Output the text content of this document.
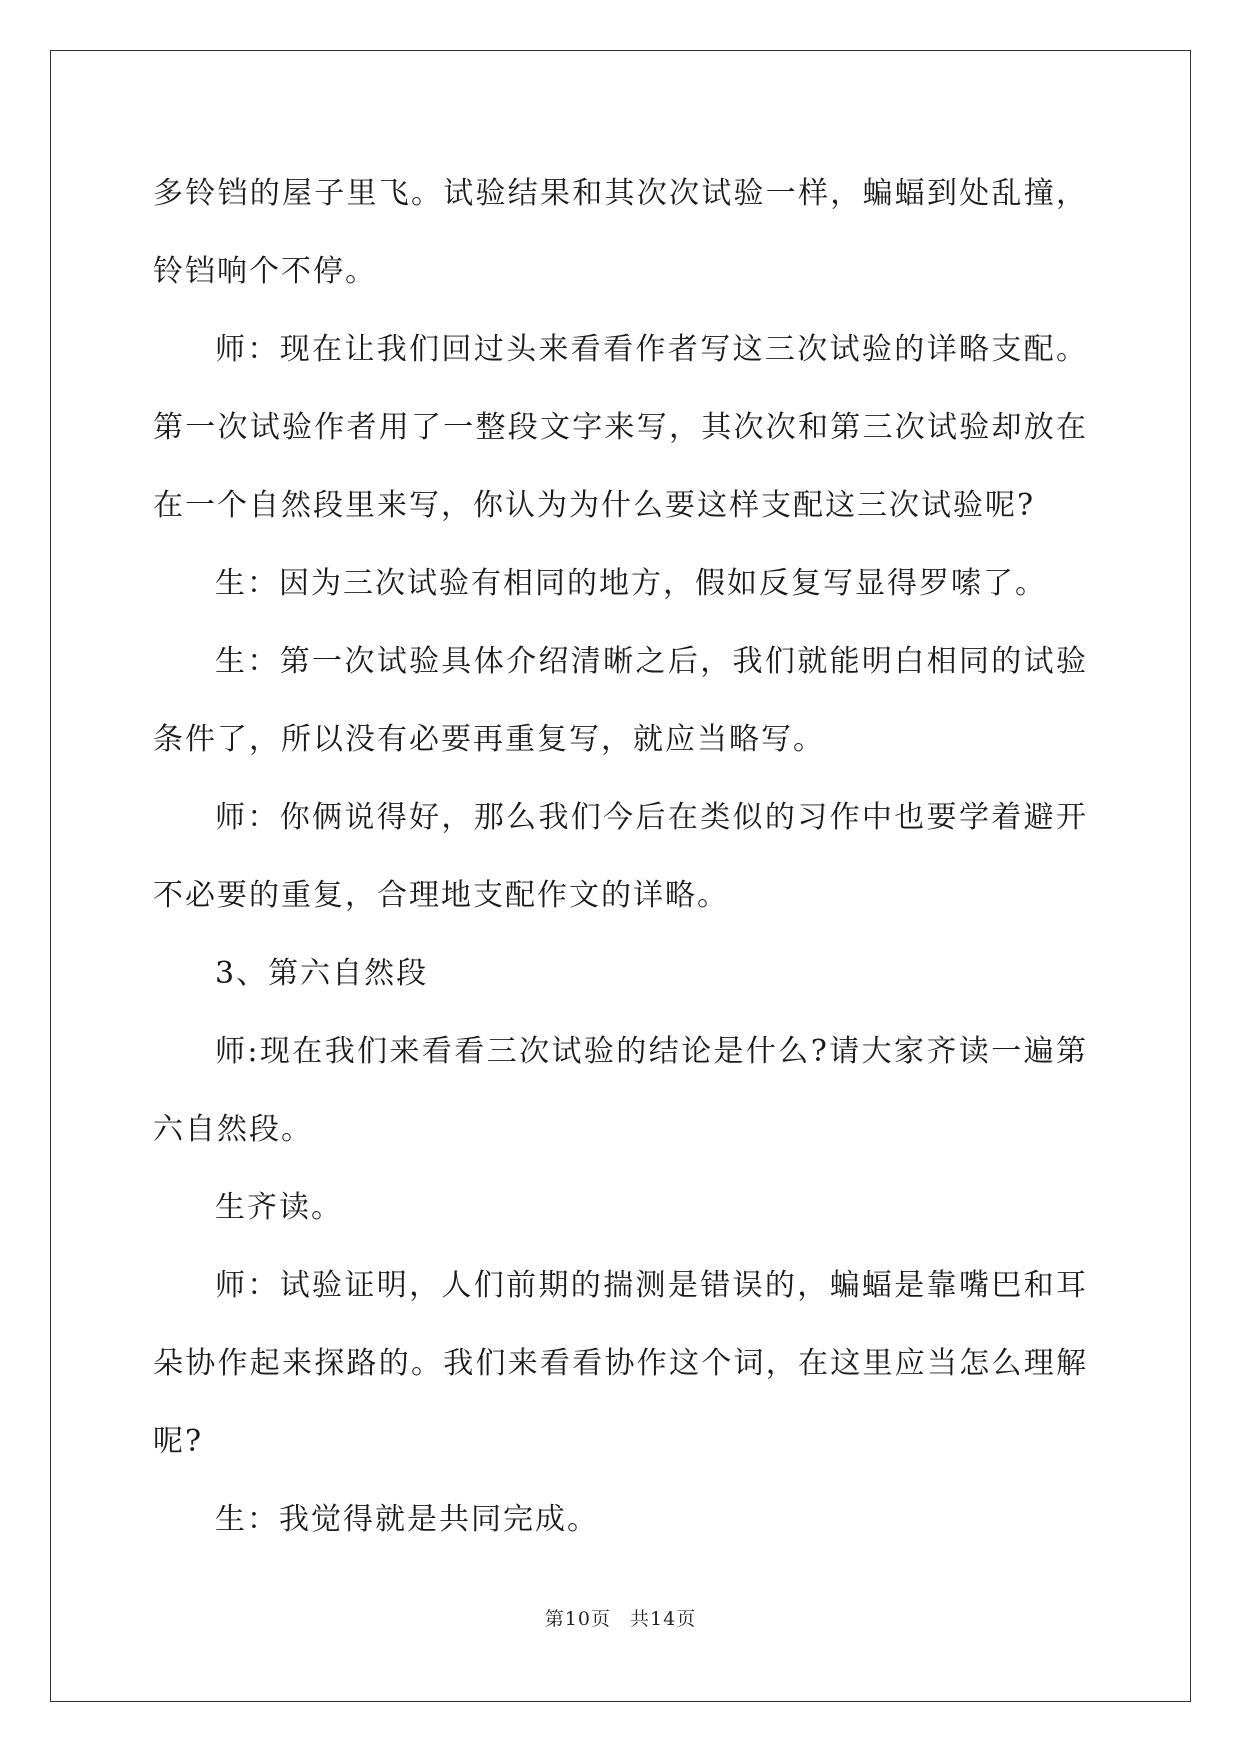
多铃铛的屋子里飞。试验结果和其次次试验一样，蝙蝠到处乱撞，铃铛响个不停。

师：现在让我们回过头来看看作者写这三次试验的详略支配。第一次试验作者用了一整段文字来写，其次次和第三次试验却放在在一个自然段里来写，你认为为什么要这样支配这三次试验呢?

生：因为三次试验有相同的地方，假如反复写显得罗嗦了。

生：第一次试验具体介绍清晰之后，我们就能明白相同的试验条件了，所以没有必要再重复写，就应当略写。

师：你俩说得好，那么我们今后在类似的习作中也要学着避开不必要的重复，合理地支配作文的详略。

3、第六自然段

师:现在我们来看看三次试验的结论是什么?请大家齐读一遍第六自然段。

生齐读。

师：试验证明，人们前期的揣测是错误的，蝙蝠是靠嘴巴和耳朵协作起来探路的。我们来看看协作这个词，在这里应当怎么理解呢?

生：我觉得就是共同完成。

第10页 共14页
